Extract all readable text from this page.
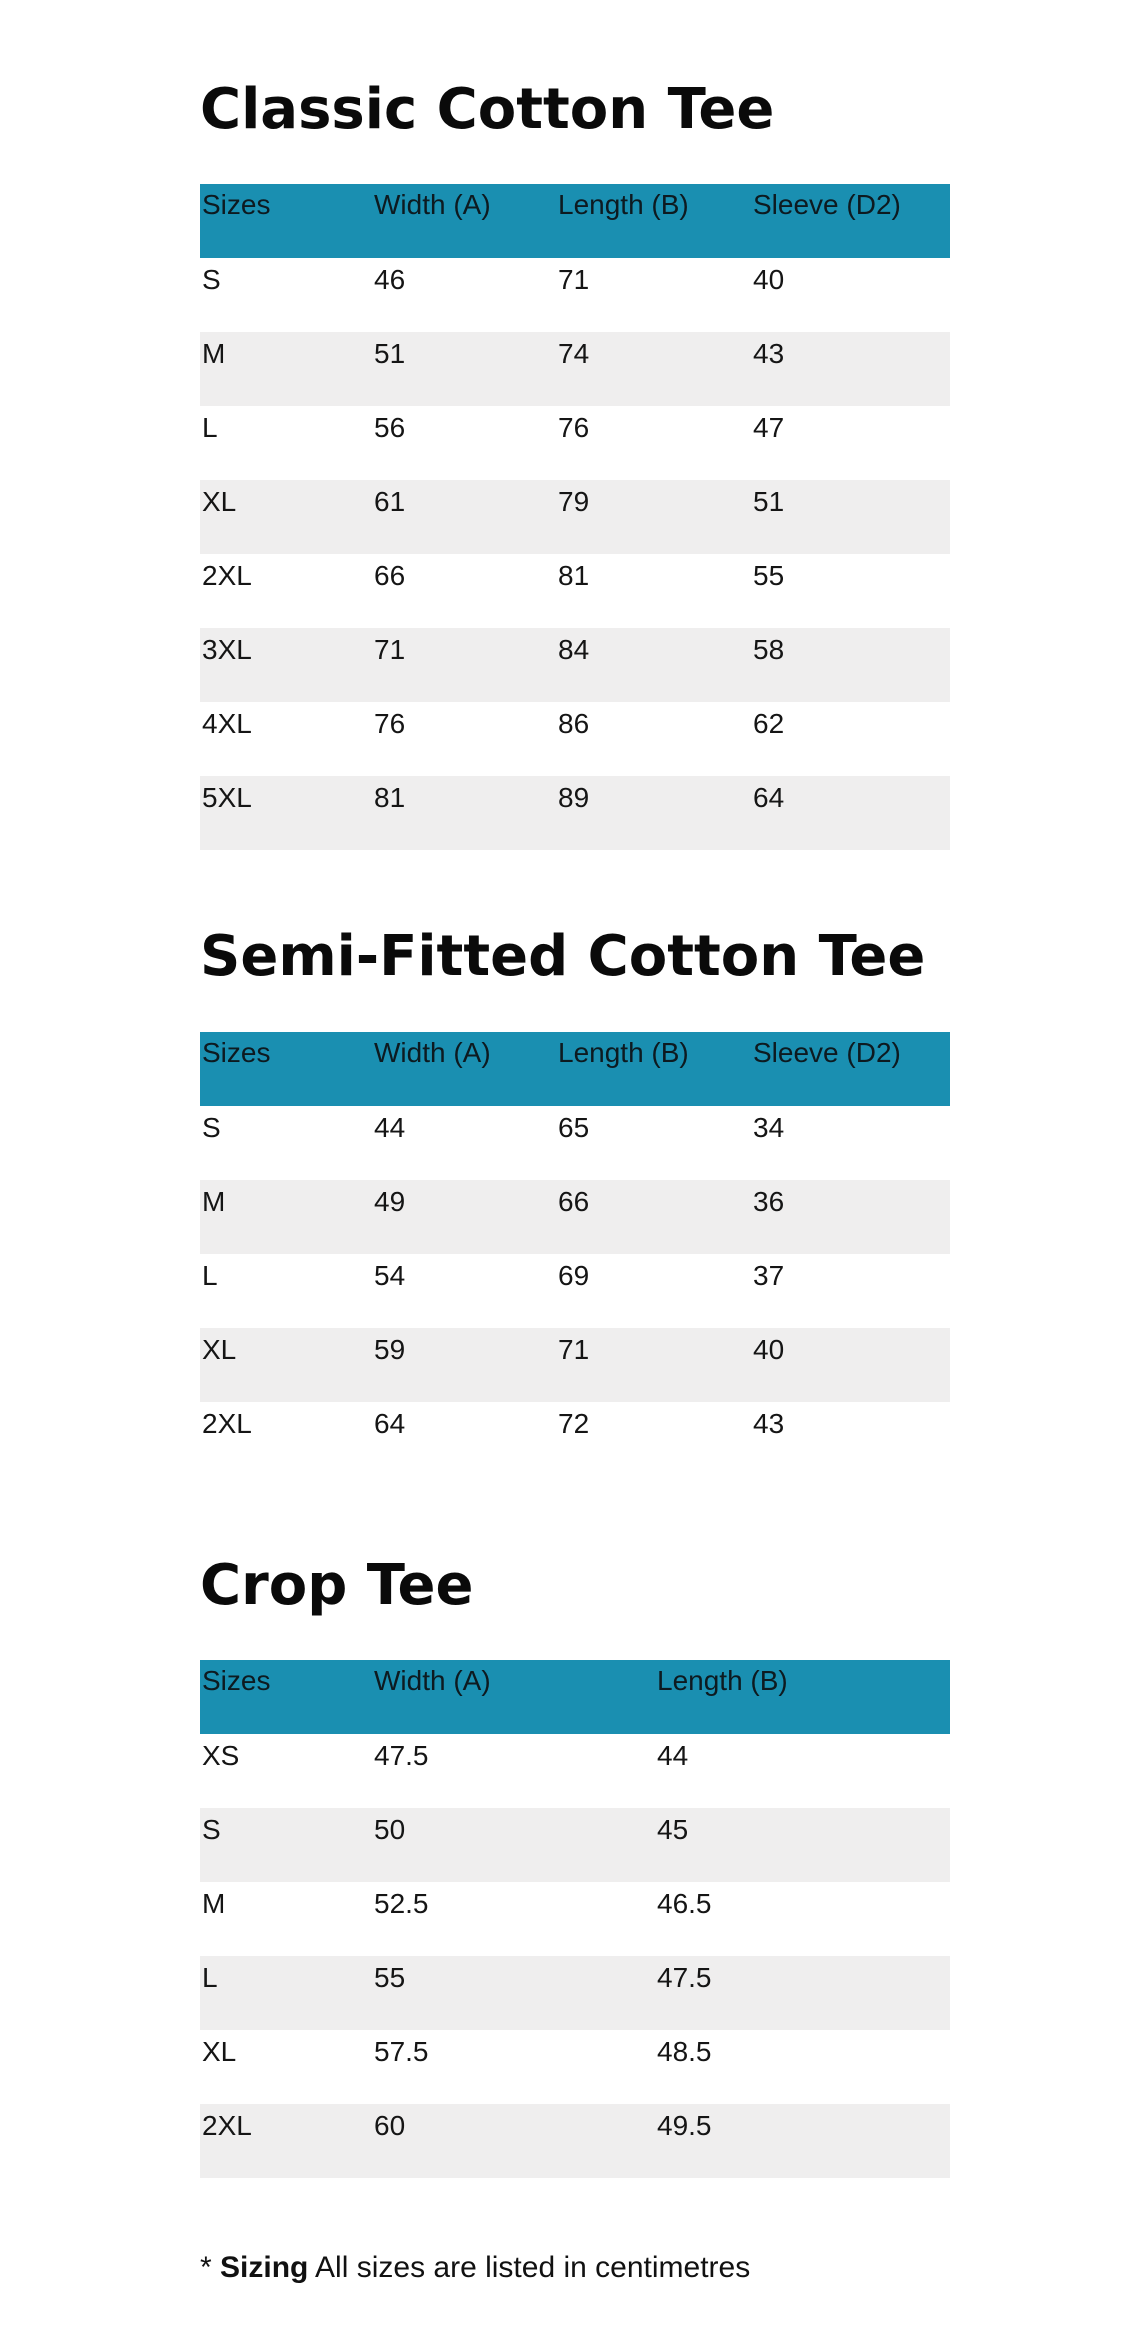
Classic Cotton Tee
Sizes	Width (A)	Length (B)	Sleeve (D2)
S	46	71	40
M	51	74	43
L	56	76	47
XL	61	79	51
2XL	66	81	55
3XL	71	84	58
4XL	76	86	62
5XL	81	89	64
Semi-Fitted Cotton Tee
Sizes	Width (A)	Length (B)	Sleeve (D2)
S	44	65	34
M	49	66	36
L	54	69	37
XL	59	71	40
2XL	64	72	43
Crop Tee
Sizes	Width (A)	Length (B)
XS	47.5	44
S	50	45
M	52.5	46.5
L	55	47.5
XL	57.5	48.5
2XL	60	49.5
* Sizing All sizes are listed in centimetres
